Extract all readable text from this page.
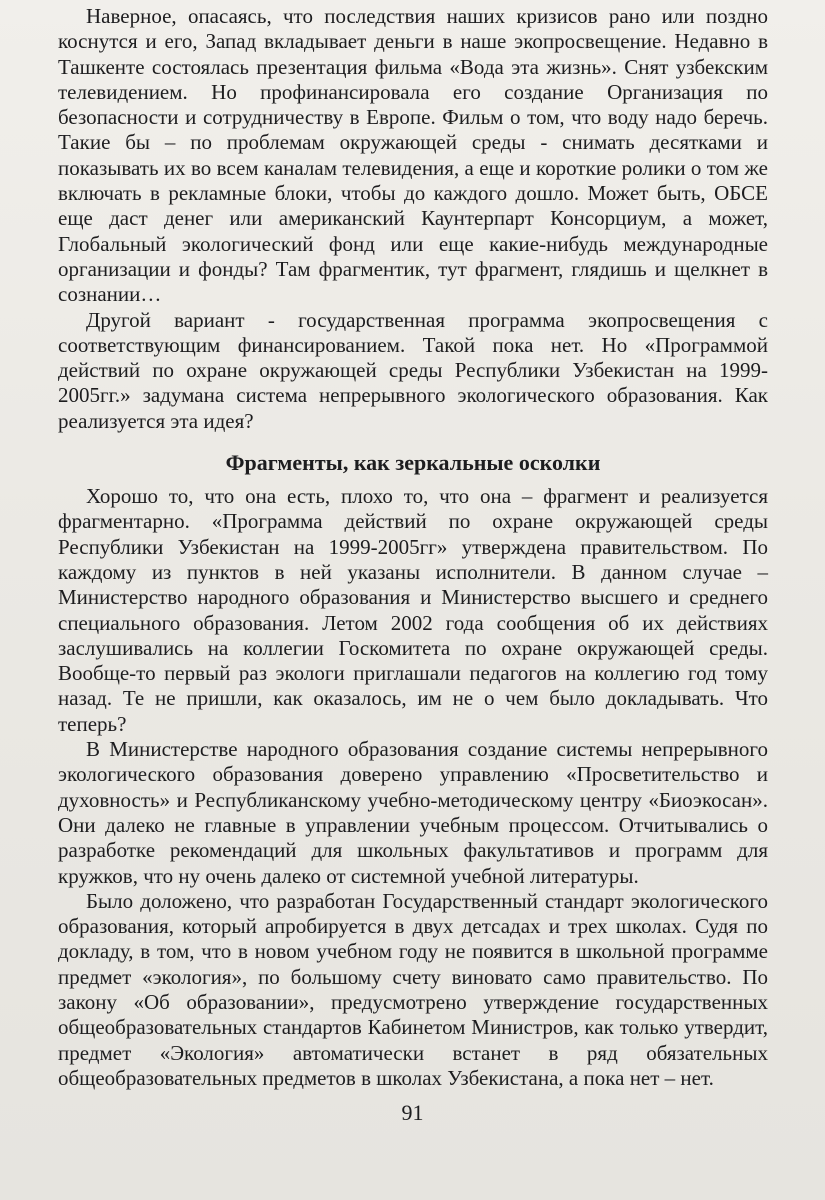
Наверное, опасаясь, что последствия наших кризисов рано или поздно коснутся и его, Запад вкладывает деньги в наше экопросвещение. Недавно в Ташкенте состоялась презентация фильма «Вода эта жизнь». Снят узбекским телевидением. Но профинансировала его создание Организация по безопасности и сотрудничеству в Европе. Фильм о том, что воду надо беречь. Такие бы – по проблемам окружающей среды - снимать десятками и показывать их во всем каналам телевидения, а еще и короткие ролики о том же включать в рекламные блоки, чтобы до каждого дошло. Может быть, ОБСЕ еще даст денег или американский Каунтерпарт Консорциум, а может, Глобальный экологический фонд или еще какие-нибудь международные организации и фонды? Там фрагментик, тут фрагмент, глядишь и щелкнет в сознании…

Другой вариант - государственная программа экопросвещения с соответствующим финансированием. Такой пока нет. Но «Программой действий по охране окружающей среды Республики Узбекистан на 1999-2005гг.» задумана система непрерывного экологического образования. Как реализуется эта идея?

Фрагменты, как зеркальные осколки

Хорошо то, что она есть, плохо то, что она – фрагмент и реализуется фрагментарно. «Программа действий по охране окружающей среды Республики Узбекистан на 1999-2005гг» утверждена правительством. По каждому из пунктов в ней указаны исполнители. В данном случае – Министерство народного образования и Министерство высшего и среднего специального образования. Летом 2002 года сообщения об их действиях заслушивались на коллегии Госкомитета по охране окружающей среды. Вообще-то первый раз экологи приглашали педагогов на коллегию год тому назад. Те не пришли, как оказалось, им не о чем было докладывать. Что теперь?

В Министерстве народного образования создание системы непрерывного экологического образования доверено управлению «Просветительство и духовность» и Республиканскому учебно-методическому центру «Биоэкосан». Они далеко не главные в управлении учебным процессом. Отчитывались о разработке рекомендаций для школьных факультативов и программ для кружков, что ну очень далеко от системной учебной литературы.

Было доложено, что разработан Государственный стандарт экологического образования, который апробируется в двух детсадах и трех школах. Судя по докладу, в том, что в новом учебном году не появится в школьной программе предмет «экология», по большому счету виновато само правительство. По закону «Об образовании», предусмотрено утверждение государственных общеобразовательных стандартов Кабинетом Министров, как только утвердит, предмет «Экология» автоматически встанет в ряд обязательных общеобразовательных предметов в школах Узбекистана, а пока нет – нет.

91
